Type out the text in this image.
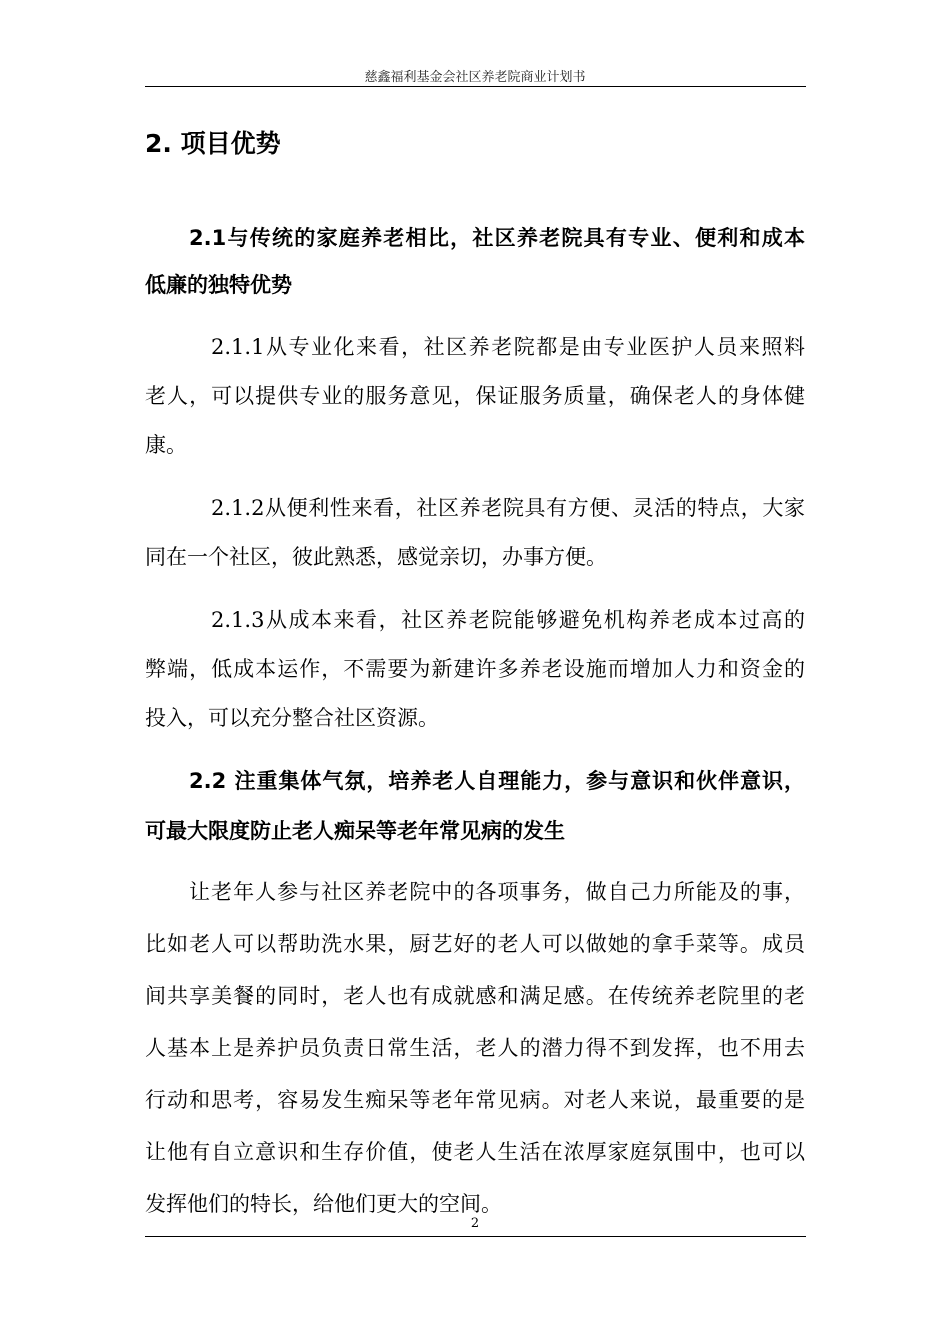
慈鑫福利基金会社区养老院商业计划书
2. 项目优势
2.1与传统的家庭养老相比，社区养老院具有专业、便利和成本
低廉的独特优势
2.1.1从专业化来看，社区养老院都是由专业医护人员来照料
老人，可以提供专业的服务意见，保证服务质量，确保老人的身体健
康。
2.1.2从便利性来看，社区养老院具有方便、灵活的特点，大家
同在一个社区，彼此熟悉，感觉亲切，办事方便。
2.1.3从成本来看，社区养老院能够避免机构养老成本过高的
弊端，低成本运作，不需要为新建许多养老设施而增加人力和资金的
投入，可以充分整合社区资源。
2.2 注重集体气氛，培养老人自理能力，参与意识和伙伴意识，
可最大限度防止老人痴呆等老年常见病的发生
让老年人参与社区养老院中的各项事务，做自己力所能及的事，
比如老人可以帮助洗水果，厨艺好的老人可以做她的拿手菜等。成员
间共享美餐的同时，老人也有成就感和满足感。在传统养老院里的老
人基本上是养护员负责日常生活，老人的潜力得不到发挥，也不用去
行动和思考，容易发生痴呆等老年常见病。对老人来说，最重要的是
让他有自立意识和生存价值，使老人生活在浓厚家庭氛围中，也可以
发挥他们的特长，给他们更大的空间。
2
